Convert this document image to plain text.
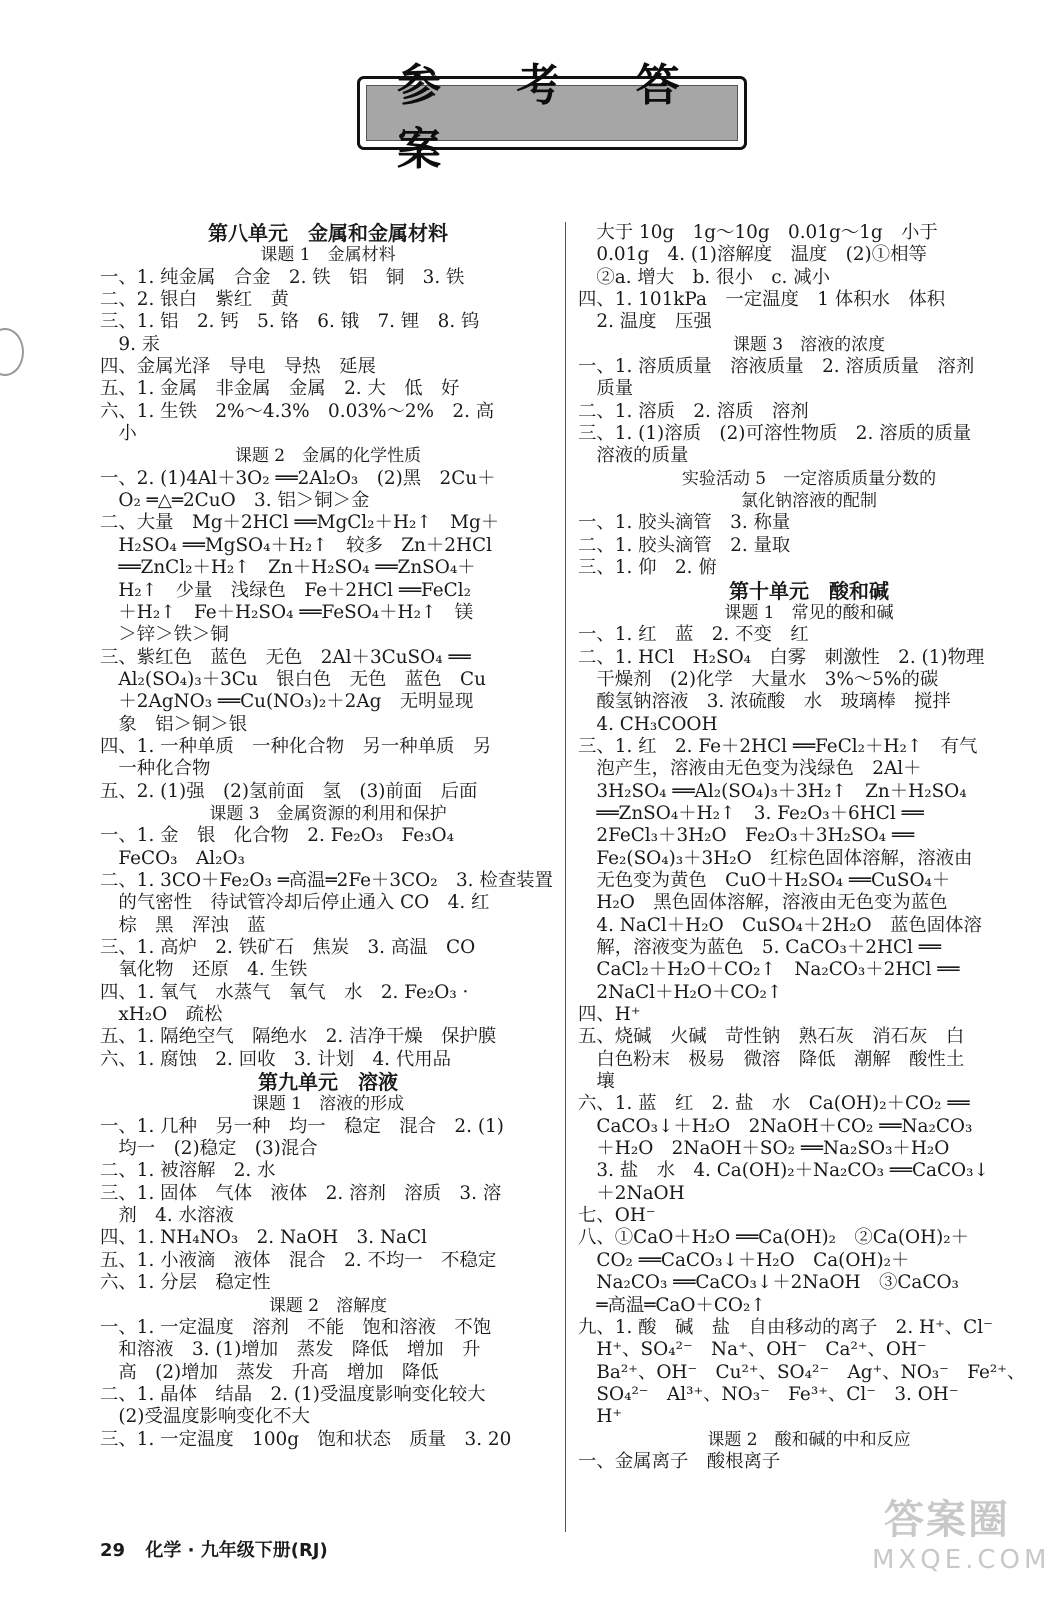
参 考 答 案
第八单元　金属和金属材料
课题 1　金属材料
一、1. 纯金属　合金　2. 铁　铝　铜　3. 铁
二、2. 银白　紫红　黄
三、1. 铝　2. 钙　5. 铬　6. 锇　7. 锂　8. 钨
　9. 汞
四、金属光泽　导电　导热　延展
五、1. 金属　非金属　金属　2. 大　低　好
六、1. 生铁　2%～4.3%　0.03%～2%　2. 高
　小
课题 2　金属的化学性质
一、2. (1)4Al＋3O₂ ══2Al₂O₃　(2)黑　2Cu＋
　O₂ ═△═2CuO　3. 铝＞铜＞金
二、大量　Mg＋2HCl ══MgCl₂＋H₂↑　Mg＋
　H₂SO₄ ══MgSO₄＋H₂↑　较多　Zn＋2HCl
　══ZnCl₂＋H₂↑　Zn＋H₂SO₄ ══ZnSO₄＋
　H₂↑　少量　浅绿色　Fe＋2HCl ══FeCl₂
　＋H₂↑　Fe＋H₂SO₄ ══FeSO₄＋H₂↑　镁
　＞锌＞铁＞铜
三、紫红色　蓝色　无色　2Al＋3CuSO₄ ══
　Al₂(SO₄)₃＋3Cu　银白色　无色　蓝色　Cu
　＋2AgNO₃ ══Cu(NO₃)₂＋2Ag　无明显现
　象　铝＞铜＞银
四、1. 一种单质　一种化合物　另一种单质　另
　一种化合物
五、2. (1)强　(2)氢前面　氢　(3)前面　后面
课题 3　金属资源的利用和保护
一、1. 金　银　化合物　2. Fe₂O₃　Fe₃O₄
　FeCO₃　Al₂O₃
二、1. 3CO＋Fe₂O₃ ═高温═2Fe＋3CO₂　3. 检查装置
　的气密性　待试管冷却后停止通入 CO　4. 红
　棕　黑　浑浊　蓝
三、1. 高炉　2. 铁矿石　焦炭　3. 高温　CO
　氧化物　还原　4. 生铁
四、1. 氧气　水蒸气　氧气　水　2. Fe₂O₃ ·
　xH₂O　疏松
五、1. 隔绝空气　隔绝水　2. 洁净干燥　保护膜
六、1. 腐蚀　2. 回收　3. 计划　4. 代用品
第九单元　溶液
课题 1　溶液的形成
一、1. 几种　另一种　均一　稳定　混合　2. (1)
　均一　(2)稳定　(3)混合
二、1. 被溶解　2. 水
三、1. 固体　气体　液体　2. 溶剂　溶质　3. 溶
　剂　4. 水溶液
四、1. NH₄NO₃　2. NaOH　3. NaCl
五、1. 小液滴　液体　混合　2. 不均一　不稳定
六、1. 分层　稳定性
课题 2　溶解度
一、1. 一定温度　溶剂　不能　饱和溶液　不饱
　和溶液　3. (1)增加　蒸发　降低　增加　升
　高　(2)增加　蒸发　升高　增加　降低
二、1. 晶体　结晶　2. (1)受温度影响变化较大
　(2)受温度影响变化不大
三、1. 一定温度　100g　饱和状态　质量　3. 20
　大于 10g　1g～10g　0.01g～1g　小于
　0.01g　4. (1)溶解度　温度　(2)①相等
　②a. 增大　b. 很小　c. 减小
四、1. 101kPa　一定温度　1 体积水　体积
　2. 温度　压强
课题 3　溶液的浓度
一、1. 溶质质量　溶液质量　2. 溶质质量　溶剂
　质量
二、1. 溶质　2. 溶质　溶剂
三、1. (1)溶质　(2)可溶性物质　2. 溶质的质量
　溶液的质量
实验活动 5　一定溶质质量分数的
氯化钠溶液的配制
一、1. 胶头滴管　3. 称量
二、1. 胶头滴管　2. 量取
三、1. 仰　2. 俯
第十单元　酸和碱
课题 1　常见的酸和碱
一、1. 红　蓝　2. 不变　红
二、1. HCl　H₂SO₄　白雾　刺激性　2. (1)物理
　干燥剂　(2)化学　大量水　3%～5%的碳
　酸氢钠溶液　3. 浓硫酸　水　玻璃棒　搅拌
　4. CH₃COOH
三、1. 红　2. Fe＋2HCl ══FeCl₂＋H₂↑　有气
　泡产生，溶液由无色变为浅绿色　2Al＋
　3H₂SO₄ ══Al₂(SO₄)₃＋3H₂↑　Zn＋H₂SO₄
　══ZnSO₄＋H₂↑　3. Fe₂O₃＋6HCl ══
　2FeCl₃＋3H₂O　Fe₂O₃＋3H₂SO₄ ══
　Fe₂(SO₄)₃＋3H₂O　红棕色固体溶解，溶液由
　无色变为黄色　CuO＋H₂SO₄ ══CuSO₄＋
　H₂O　黑色固体溶解，溶液由无色变为蓝色
　4. NaCl＋H₂O　CuSO₄＋2H₂O　蓝色固体溶
　解，溶液变为蓝色　5. CaCO₃＋2HCl ══
　CaCl₂＋H₂O＋CO₂↑　Na₂CO₃＋2HCl ══
　2NaCl＋H₂O＋CO₂↑
四、H⁺
五、烧碱　火碱　苛性钠　熟石灰　消石灰　白
　白色粉末　极易　微溶　降低　潮解　酸性土
　壤
六、1. 蓝　红　2. 盐　水　Ca(OH)₂＋CO₂ ══
　CaCO₃↓＋H₂O　2NaOH＋CO₂ ══Na₂CO₃
　＋H₂O　2NaOH＋SO₂ ══Na₂SO₃＋H₂O
　3. 盐　水　4. Ca(OH)₂＋Na₂CO₃ ══CaCO₃↓
　＋2NaOH
七、OH⁻
八、①CaO＋H₂O ══Ca(OH)₂　②Ca(OH)₂＋
　CO₂ ══CaCO₃↓＋H₂O　Ca(OH)₂＋
　Na₂CO₃ ══CaCO₃↓＋2NaOH　③CaCO₃
　═高温═CaO＋CO₂↑
九、1. 酸　碱　盐　自由移动的离子　2. H⁺、Cl⁻
　H⁺、SO₄²⁻　Na⁺、OH⁻　Ca²⁺、OH⁻
　Ba²⁺、OH⁻　Cu²⁺、SO₄²⁻　Ag⁺、NO₃⁻　Fe²⁺、
　SO₄²⁻　Al³⁺、NO₃⁻　Fe³⁺、Cl⁻　3. OH⁻
　H⁺
课题 2　酸和碱的中和反应
一、金属离子　酸根离子
29 化学 · 九年级下册(RJ)
答案圈
MXQE.COM
